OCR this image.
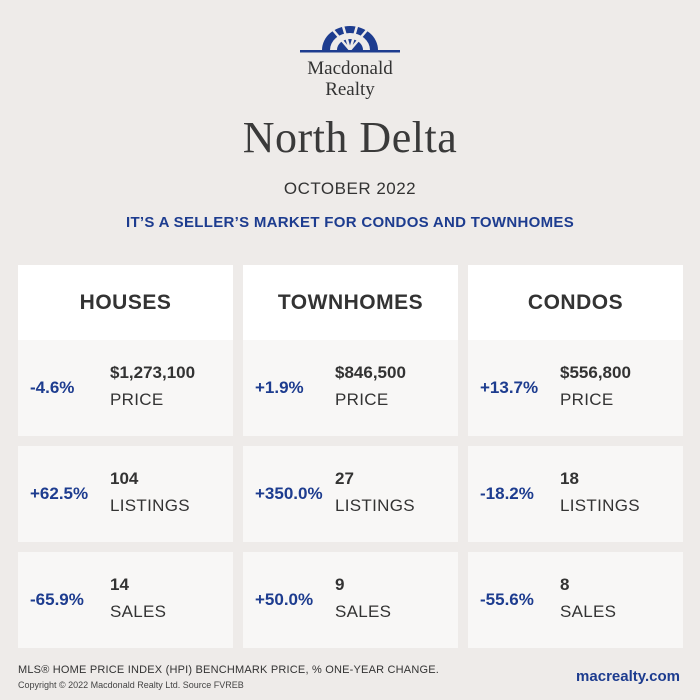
Macdonald
Realty
North Delta
OCTOBER 2022
IT’S A SELLER’S MARKET FOR CONDOS AND TOWNHOMES
HOUSES
-4.6%
$1,273,100
PRICE
+62.5%
104
LISTINGS
-65.9%
14
SALES
TOWNHOMES
+1.9%
$846,500
PRICE
+350.0%
27
LISTINGS
+50.0%
9
SALES
CONDOS
+13.7%
$556,800
PRICE
-18.2%
18
LISTINGS
-55.6%
8
SALES
MLS® HOME PRICE INDEX (HPI) BENCHMARK PRICE, % ONE-YEAR CHANGE.
Copyright © 2022 Macdonald Realty Ltd. Source FVREB	macrealty.com
